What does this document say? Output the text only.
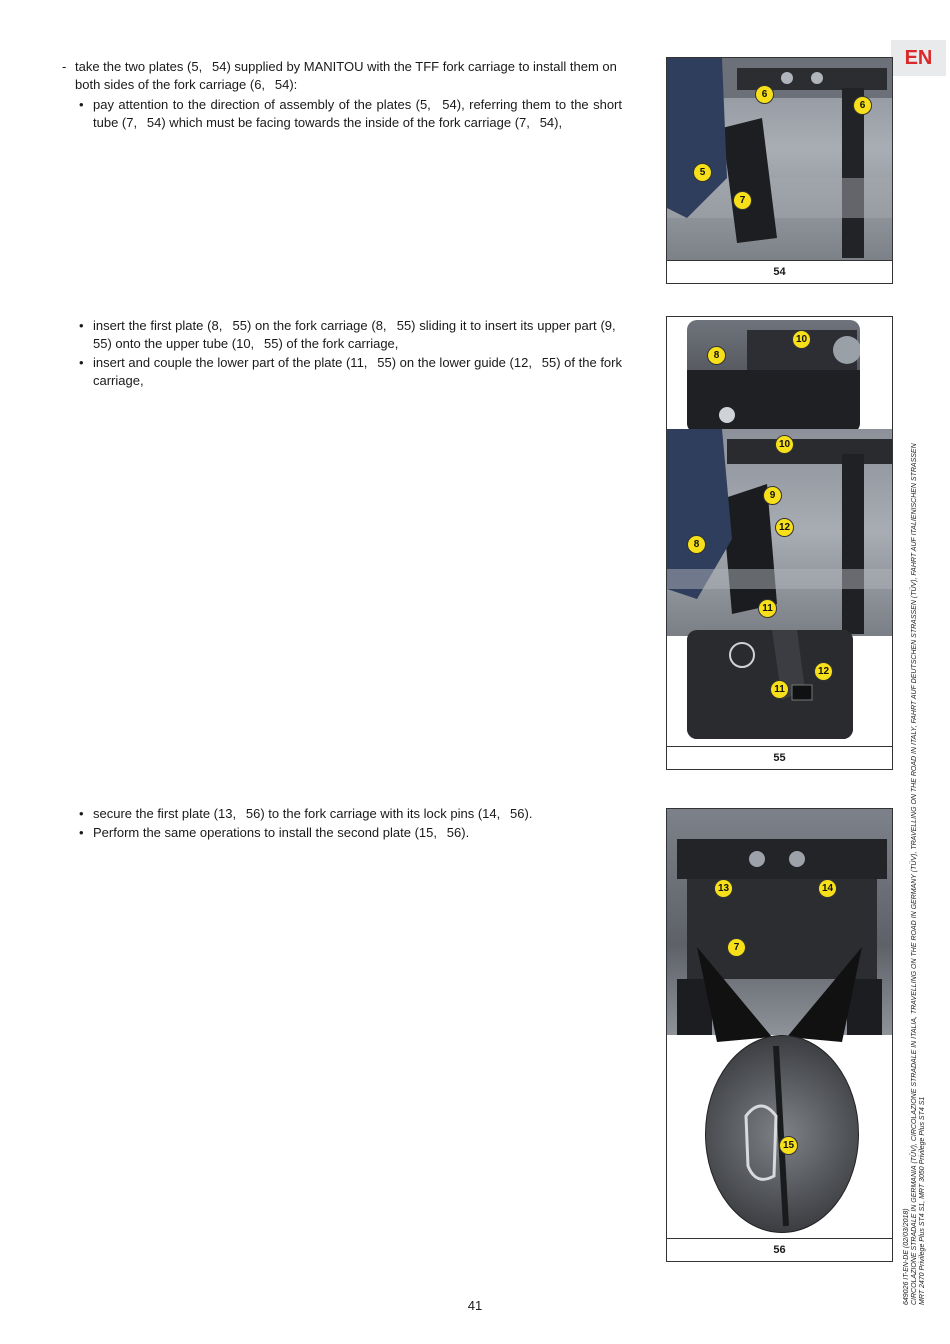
EN
- take the two plates (5,   54) supplied by MANITOU with the TFF fork carriage to install them on both sides of the fork carriage (6,   54):
• pay attention to the direction of assembly of the plates (5,   54), referring them to the short tube (7,   54) which must be facing towards the inside of the fork carriage (7,   54),
• insert the first plate (8,   55) on the fork carriage (8,   55) sliding it to insert its upper part (9,   55) onto the upper tube (10,   55) of the fork carriage,
• insert and couple the lower part of the plate (11,   55) on the lower guide (12,   55) of the fork carriage,
• secure the first plate (13,   56) to the fork carriage with its lock pins (14,   56).
• Perform the same operations to install the second plate (15,   56).
6
6
5
7
54
8
10
10
9
12
8
11
12
11
55
13	14
7
15
56	649026 IT-EN-DE (02/03/2018) CIRCOLAZIONE STRADALE IN GERMANIA (TÜV), CIRCOLAZIONE STRADALE IN ITALIA, TRAVELLING ON THE ROAD IN GERMANY (TÜV), TRAVELLING ON THE ROAD IN ITALY, FAHRT AUF DEUTSCHEN STRASSEN (TÜV), FAHRT AUF ITALIENISCHEN STRASSEN MRT 2470 Privilege Plus ST4 S1, MRT 3050 Privilege Plus ST4 S1
41
